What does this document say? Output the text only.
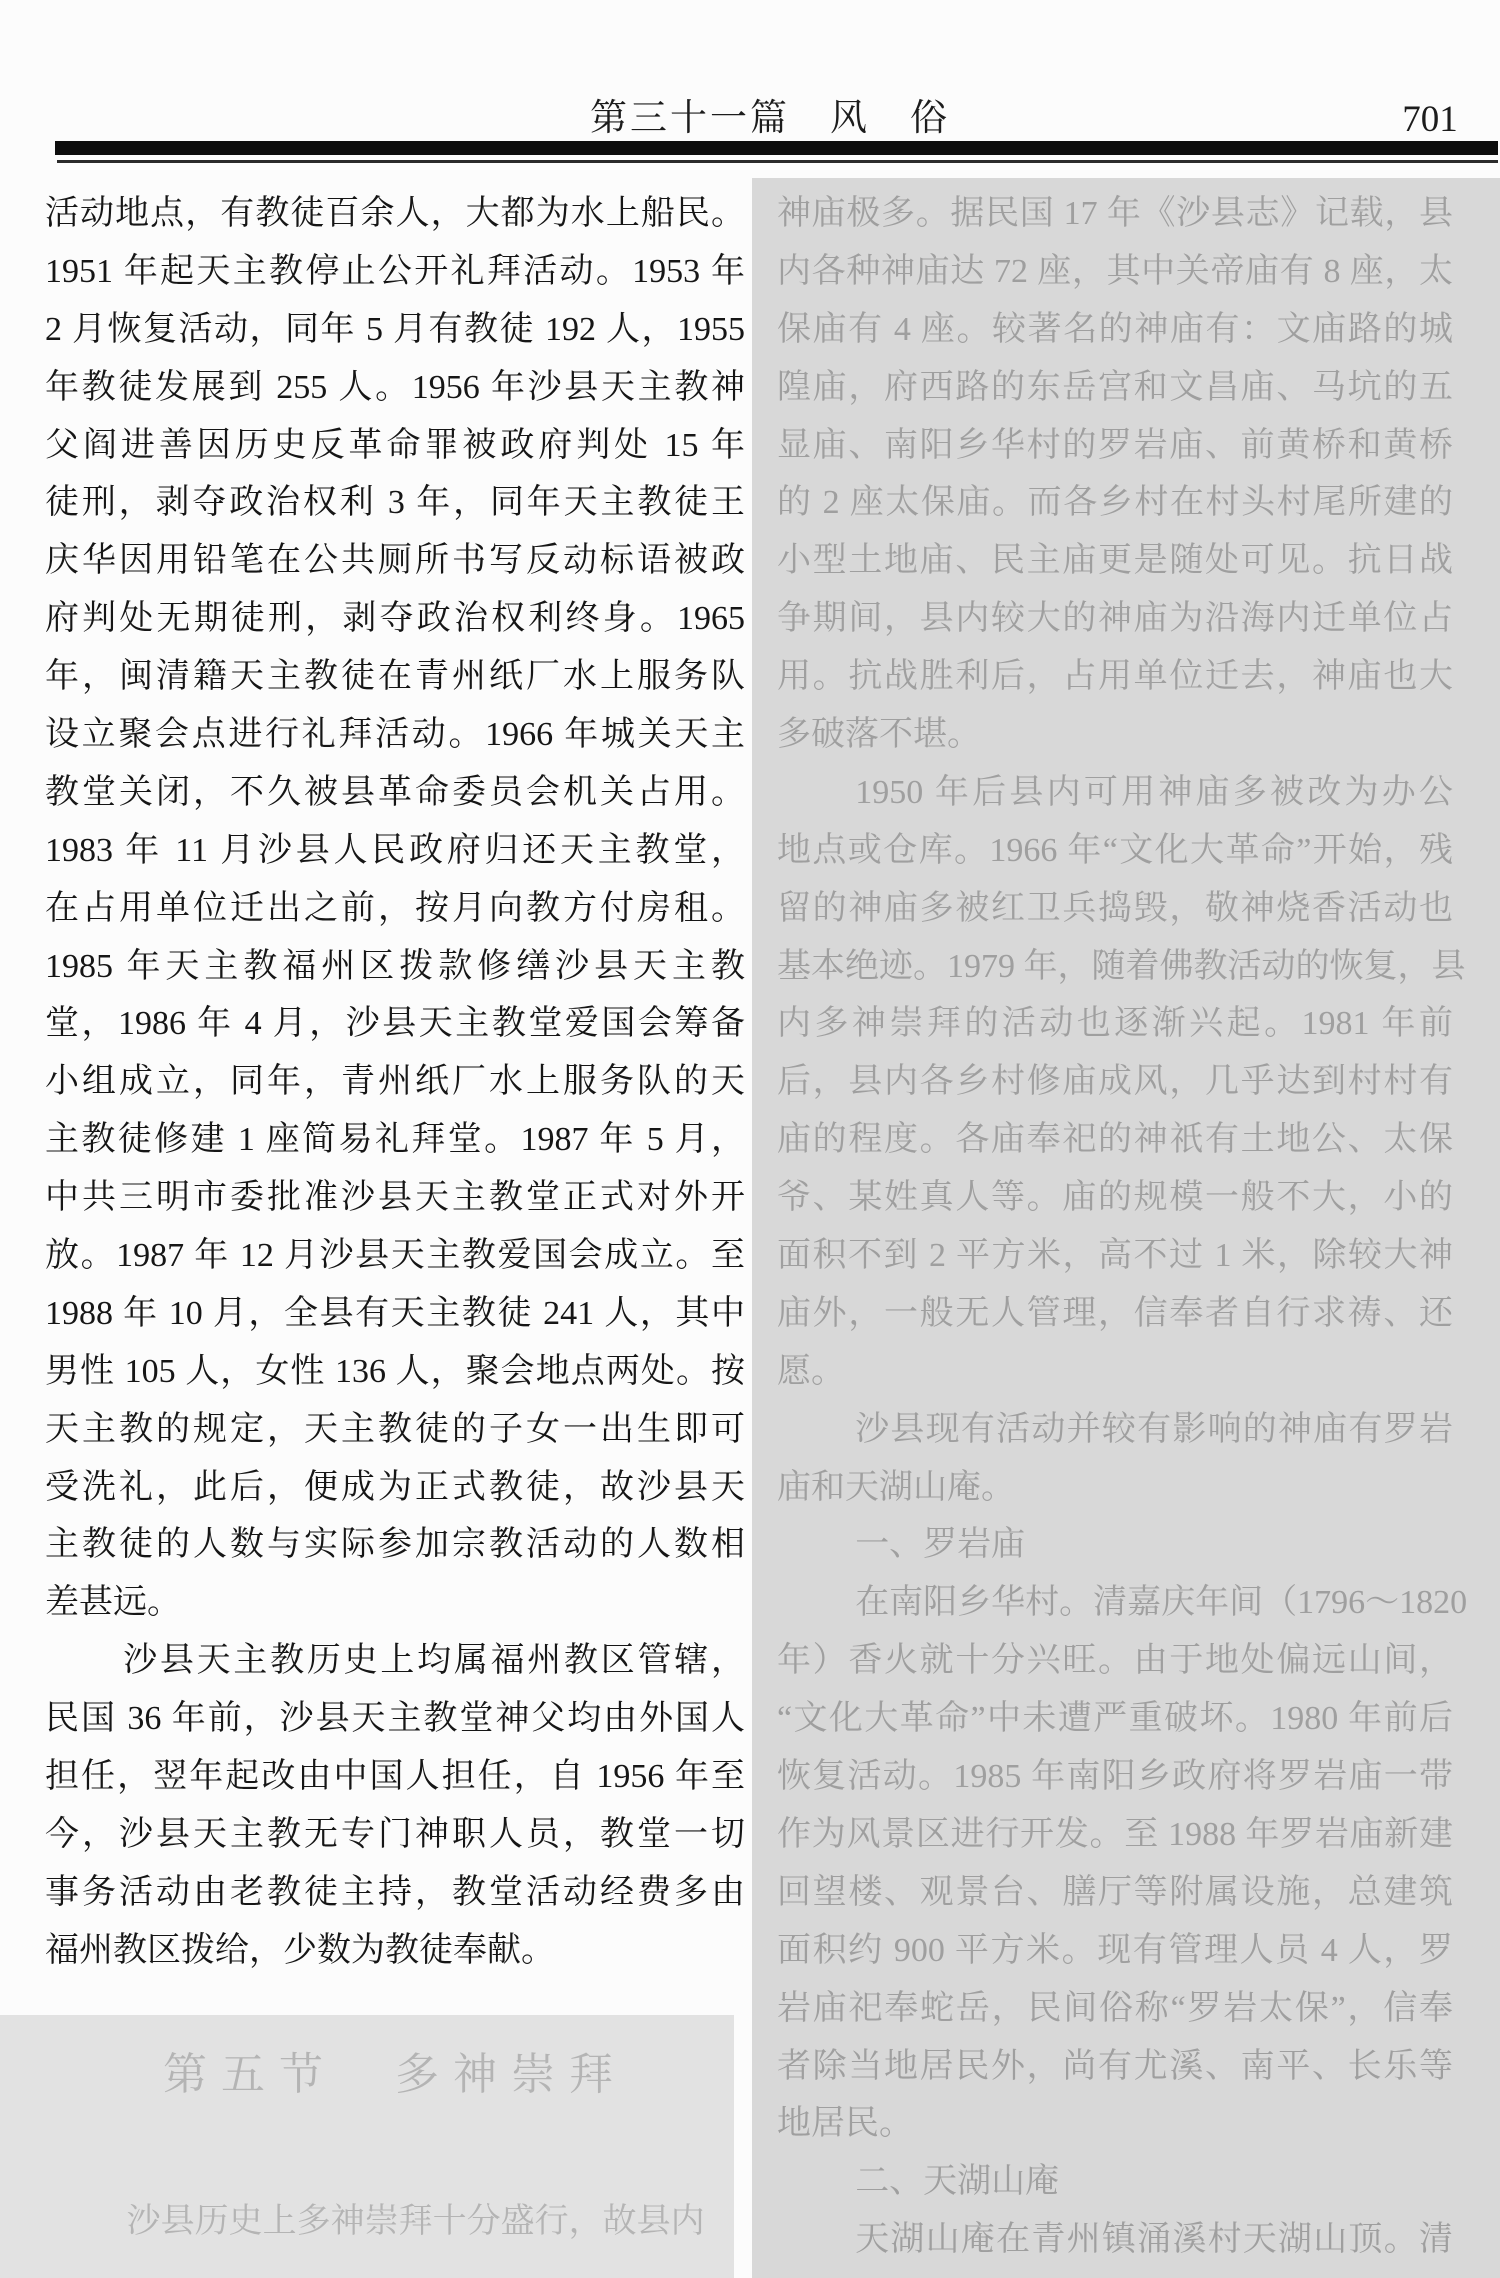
第三十一篇　风　俗	701
活动地点，有教徒百余人，大都为水上船民。
1951 年起天主教停止公开礼拜活动。1953 年
2 月恢复活动，同年 5 月有教徒 192 人，1955
年教徒发展到 255 人。1956 年沙县天主教神
父阎进善因历史反革命罪被政府判处 15 年
徒刑，剥夺政治权利 3 年，同年天主教徒王
庆华因用铅笔在公共厕所书写反动标语被政
府判处无期徒刑，剥夺政治权利终身。1965
年，闽清籍天主教徒在青州纸厂水上服务队
设立聚会点进行礼拜活动。1966 年城关天主
教堂关闭，不久被县革命委员会机关占用。
1983 年 11 月沙县人民政府归还天主教堂，
在占用单位迁出之前，按月向教方付房租。
1985 年天主教福州区拨款修缮沙县天主教
堂，1986 年 4 月，沙县天主教堂爱国会筹备
小组成立，同年，青州纸厂水上服务队的天
主教徒修建 1 座简易礼拜堂。1987 年 5 月，
中共三明市委批准沙县天主教堂正式对外开
放。1987 年 12 月沙县天主教爱国会成立。至
1988 年 10 月，全县有天主教徒 241 人，其中
男性 105 人，女性 136 人，聚会地点两处。按
天主教的规定，天主教徒的子女一出生即可
受洗礼，此后，便成为正式教徒，故沙县天
主教徒的人数与实际参加宗教活动的人数相
差甚远。
沙县天主教历史上均属福州教区管辖，
民国 36 年前，沙县天主教堂神父均由外国人
担任，翌年起改由中国人担任，自 1956 年至
今，沙县天主教无专门神职人员，教堂一切
事务活动由老教徒主持，教堂活动经费多由
福州教区拨给，少数为教徒奉献。
神庙极多。据民国 17 年《沙县志》记载，县
内各种神庙达 72 座，其中关帝庙有 8 座，太
保庙有 4 座。较著名的神庙有：文庙路的城
隍庙，府西路的东岳宫和文昌庙、马坑的五
显庙、南阳乡华村的罗岩庙、前黄桥和黄桥
的 2 座太保庙。而各乡村在村头村尾所建的
小型土地庙、民主庙更是随处可见。抗日战
争期间，县内较大的神庙为沿海内迁单位占
用。抗战胜利后，占用单位迁去，神庙也大
多破落不堪。
1950 年后县内可用神庙多被改为办公
地点或仓库。1966 年“文化大革命”开始，残
留的神庙多被红卫兵捣毁，敬神烧香活动也
基本绝迹。1979 年，随着佛教活动的恢复，县
内多神崇拜的活动也逐渐兴起。1981 年前
后，县内各乡村修庙成风，几乎达到村村有
庙的程度。各庙奉祀的神祇有土地公、太保
爷、某姓真人等。庙的规模一般不大，小的
面积不到 2 平方米，高不过 1 米，除较大神
庙外，一般无人管理，信奉者自行求祷、还
愿。
沙县现有活动并较有影响的神庙有罗岩
庙和天湖山庵。
一、罗岩庙
在南阳乡华村。清嘉庆年间（1796～1820
年）香火就十分兴旺。由于地处偏远山间，
“文化大革命”中未遭严重破坏。1980 年前后
恢复活动。1985 年南阳乡政府将罗岩庙一带
作为风景区进行开发。至 1988 年罗岩庙新建
回望楼、观景台、膳厅等附属设施，总建筑
面积约 900 平方米。现有管理人员 4 人，罗
岩庙祀奉蛇岳，民间俗称“罗岩太保”，信奉
者除当地居民外，尚有尤溪、南平、长乐等
地居民。
二、天湖山庵
天湖山庵在青州镇涌溪村天湖山顶。清
第五节　多神崇拜
沙县历史上多神崇拜十分盛行，故县内
